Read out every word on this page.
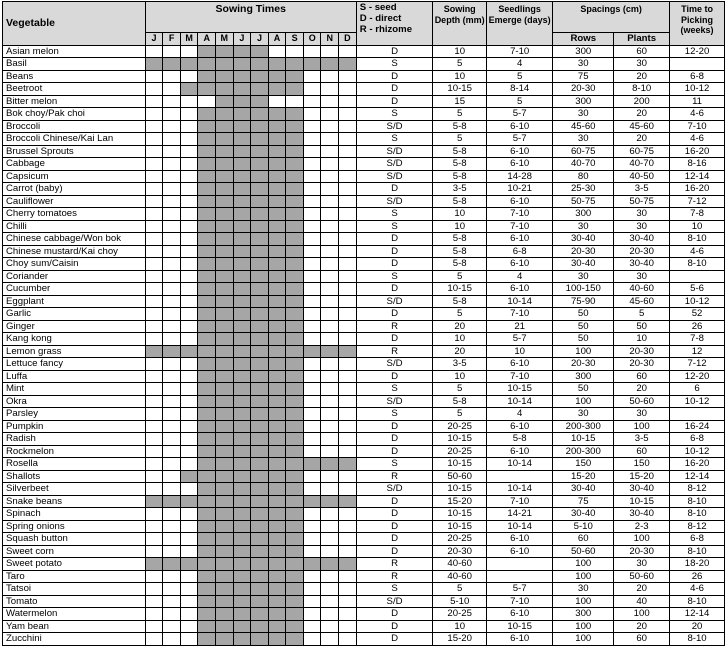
Vegetable	Sowing Times												S - seed
D - direct
R - rhizome	Sowing Depth (mm)	Seedlings Emerge (days)	Spacings (cm)		Time to Picking (weeks)
	J	F	M	A	M	J	J	A	S	O	N	D				Rows	Plants	
Asian melon													D	10	7-10	300	60	12-20
Basil													S	5	4	30	30	
Beans													D	10	5	75	20	6-8
Beetroot													D	10-15	8-14	20-30	8-10	10-12
Bitter melon													D	15	5	300	200	11
Bok choy/Pak choi													S	5	5-7	30	20	4-6
Broccoli													S/D	5-8	6-10	45-60	45-60	7-10
Broccoli Chinese/Kai Lan													S	5	5-7	30	20	4-6
Brussel Sprouts													S/D	5-8	6-10	60-75	60-75	16-20
Cabbage													S/D	5-8	6-10	40-70	40-70	8-16
Capsicum													S/D	5-8	14-28	80	40-50	12-14
Carrot (baby)													D	3-5	10-21	25-30	3-5	16-20
Cauliflower													S/D	5-8	6-10	50-75	50-75	7-12
Cherry tomatoes													S	10	7-10	300	30	7-8
Chilli													S	10	7-10	30	30	10
Chinese cabbage/Won bok													D	5-8	6-10	30-40	30-40	8-10
Chinese mustard/Kai choy													D	5-8	6-8	20-30	20-30	4-6
Choy sum/Caisin													D	5-8	6-10	30-40	30-40	8-10
Coriander													S	5	4	30	30	
Cucumber													D	10-15	6-10	100-150	40-60	5-6
Eggplant													S/D	5-8	10-14	75-90	45-60	10-12
Garlic													D	5	7-10	50	5	52
Ginger													R	20	21	50	50	26
Kang kong													D	10	5-7	50	10	7-8
Lemon grass													R	20	10	100	20-30	12
Lettuce fancy													S/D	3-5	6-10	20-30	20-30	7-12
Luffa													D	10	7-10	300	60	12-20
Mint													S	5	10-15	50	20	6
Okra													S/D	5-8	10-14	100	50-60	10-12
Parsley													S	5	4	30	30	
Pumpkin													D	20-25	6-10	200-300	100	16-24
Radish													D	10-15	5-8	10-15	3-5	6-8
Rockmelon													D	20-25	6-10	200-300	60	10-12
Rosella													S	10-15	10-14	150	150	16-20
Shallots													R	50-60		15-20	15-20	12-14
Silverbeet													S/D	10-15	10-14	30-40	30-40	8-12
Snake beans													D	15-20	7-10	75	10-15	8-10
Spinach													D	10-15	14-21	30-40	30-40	8-10
Spring onions													D	10-15	10-14	5-10	2-3	8-12
Squash button													D	20-25	6-10	60	100	6-8
Sweet corn													D	20-30	6-10	50-60	20-30	8-10
Sweet potato													R	40-60		100	30	18-20
Taro													R	40-60		100	50-60	26
Tatsoi													S	5	5-7	30	20	4-6
Tomato													S/D	5-10	7-10	100	40	8-10
Watermelon													D	20-25	6-10	300	100	12-14
Yam bean													D	10	10-15	100	20	20
Zucchini													D	15-20	6-10	100	60	8-10
